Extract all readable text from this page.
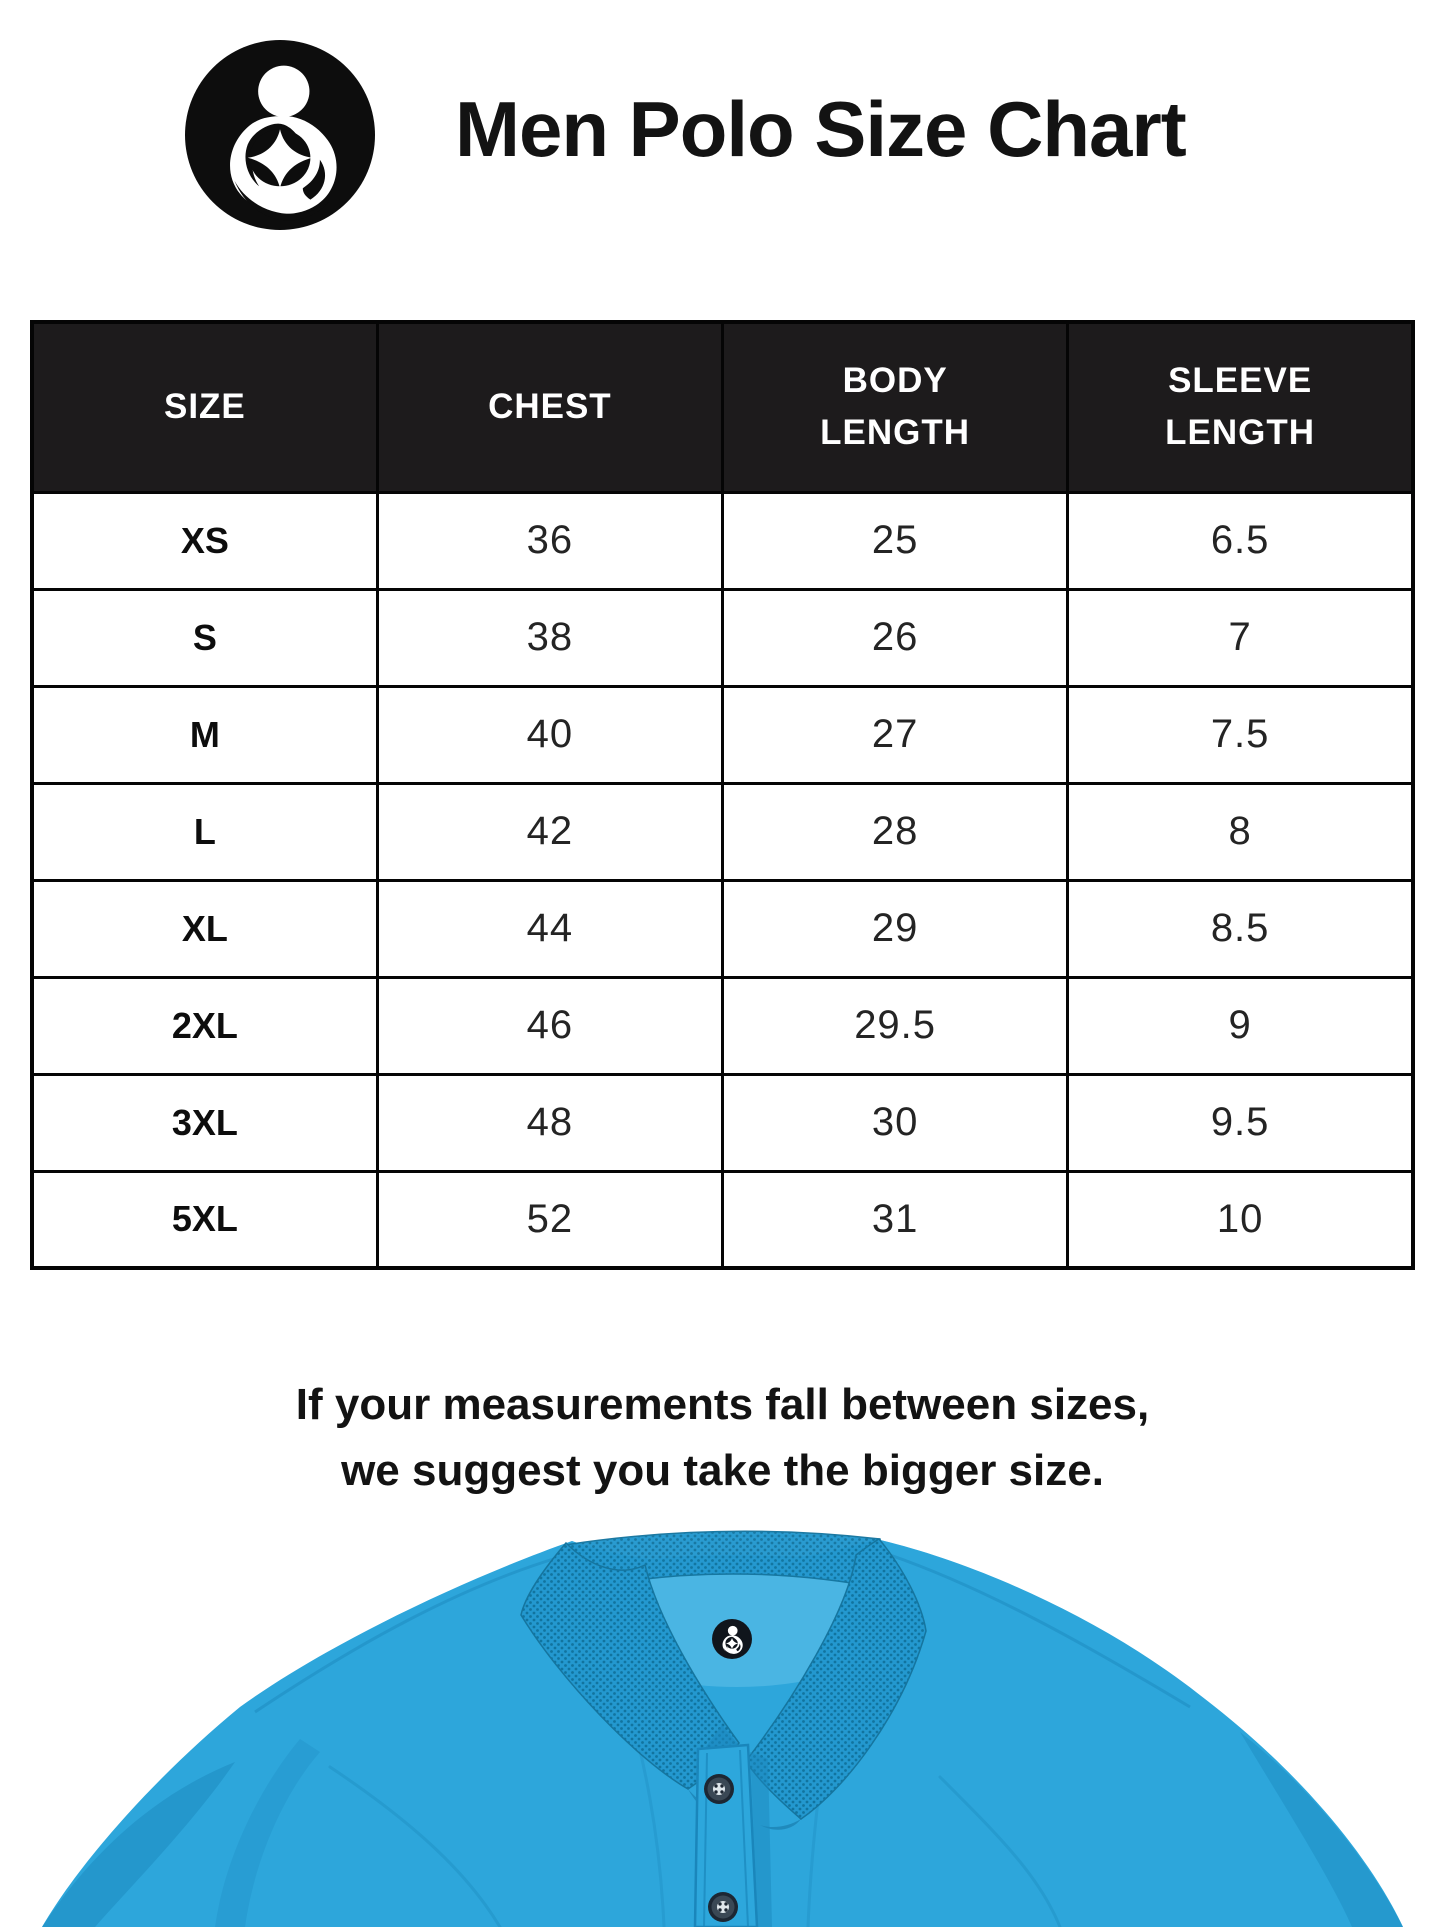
Men Polo Size Chart
SIZE	CHEST	BODY LENGTH	SLEEVE LENGTH
XS	36	25	6.5
S	38	26	7
M	40	27	7.5
L	42	28	8
XL	44	29	8.5
2XL	46	29.5	9
3XL	48	30	9.5
5XL	52	31	10
If your measurements fall between sizes,
we suggest you take the bigger size.
